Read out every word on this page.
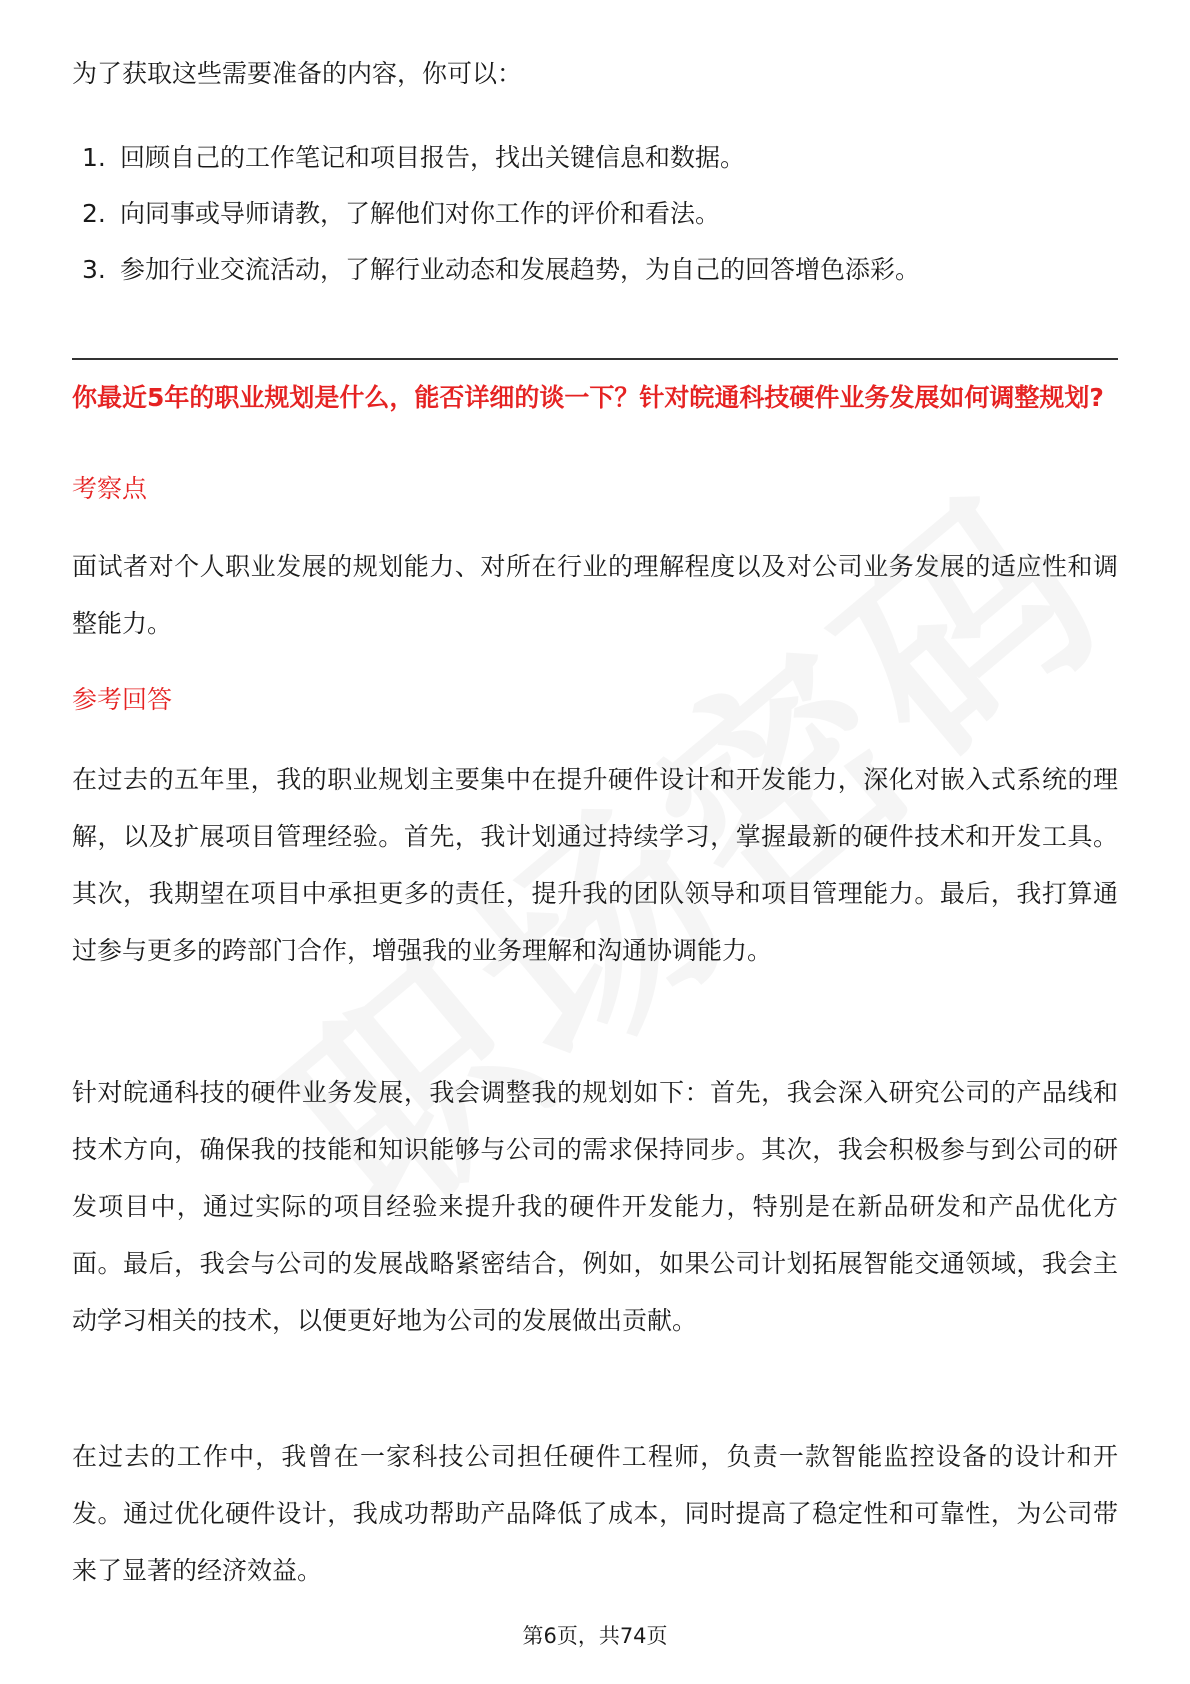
为了获取这些需要准备的内容，你可以：

1. 回顾自己的工作笔记和项目报告，找出关键信息和数据。
2. 向同事或导师请教，了解他们对你工作的评价和看法。
3. 参加行业交流活动，了解行业动态和发展趋势，为自己的回答增色添彩。
你最近5年的职业规划是什么，能否详细的谈一下？针对皖通科技硬件业务发展如何调整规划?
考察点

面试者对个人职业发展的规划能力、对所在行业的理解程度以及对公司业务发展的适应性和调整能力。

参考回答

在过去的五年里，我的职业规划主要集中在提升硬件设计和开发能力，深化对嵌入式系统的理解，以及扩展项目管理经验。首先，我计划通过持续学习，掌握最新的硬件技术和开发工具。其次，我期望在项目中承担更多的责任，提升我的团队领导和项目管理能力。最后，我打算通过参与更多的跨部门合作，增强我的业务理解和沟通协调能力。

针对皖通科技的硬件业务发展，我会调整我的规划如下：首先，我会深入研究公司的产品线和技术方向，确保我的技能和知识能够与公司的需求保持同步。其次，我会积极参与到公司的研发项目中，通过实际的项目经验来提升我的硬件开发能力，特别是在新品研发和产品优化方面。最后，我会与公司的发展战略紧密结合，例如，如果公司计划拓展智能交通领域，我会主动学习相关的技术，以便更好地为公司的发展做出贡献。

在过去的工作中，我曾在一家科技公司担任硬件工程师，负责一款智能监控设备的设计和开发。通过优化硬件设计，我成功帮助产品降低了成本，同时提高了稳定性和可靠性，为公司带来了显著的经济效益。

第6页，共74页
